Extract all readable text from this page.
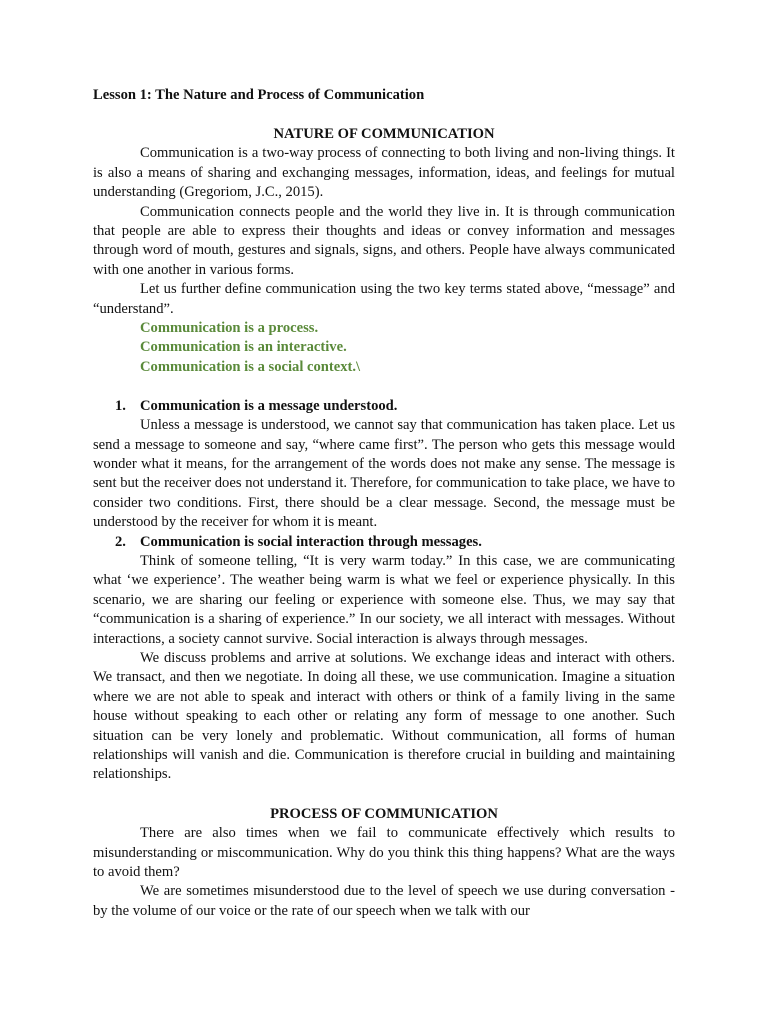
Lesson 1: The Nature and Process of Communication
NATURE OF COMMUNICATION

Communication is a two-way process of connecting to both living and non-living things. It is also a means of sharing and exchanging messages, information, ideas, and feelings for mutual understanding (Gregoriom, J.C., 2015).

Communication connects people and the world they live in. It is through communication that people are able to express their thoughts and ideas or convey information and messages through word of mouth, gestures and signals, signs, and others. People have always communicated with one another in various forms.

Let us further define communication using the two key terms stated above, “message” and “understand”.

Communication is a process.
Communication is an interactive.
Communication is a social context.\
1. Communication is a message understood.

Unless a message is understood, we cannot say that communication has taken place. Let us send a message to someone and say, “where came first”. The person who gets this message would wonder what it means, for the arrangement of the words does not make any sense. The message is sent but the receiver does not understand it. Therefore, for communication to take place, we have to consider two conditions. First, there should be a clear message. Second, the message must be understood by the receiver for whom it is meant.

2. Communication is social interaction through messages.

Think of someone telling, “It is very warm today.” In this case, we are communicating what ‘we experience’. The weather being warm is what we feel or experience physically. In this scenario, we are sharing our feeling or experience with someone else. Thus, we may say that “communication is a sharing of experience.” In our society, we all interact with messages. Without interactions, a society cannot survive. Social interaction is always through messages.

We discuss problems and arrive at solutions. We exchange ideas and interact with others. We transact, and then we negotiate. In doing all these, we use communication. Imagine a situation where we are not able to speak and interact with others or think of a family living in the same house without speaking to each other or relating any form of message to one another. Such situation can be very lonely and problematic. Without communication, all forms of human relationships will vanish and die. Communication is therefore crucial in building and maintaining relationships.

PROCESS OF COMMUNICATION

There are also times when we fail to communicate effectively which results to misunderstanding or miscommunication. Why do you think this thing happens? What are the ways to avoid them?

We are sometimes misunderstood due to the level of speech we use during conversation - by the volume of our voice or the rate of our speech when we talk with our
